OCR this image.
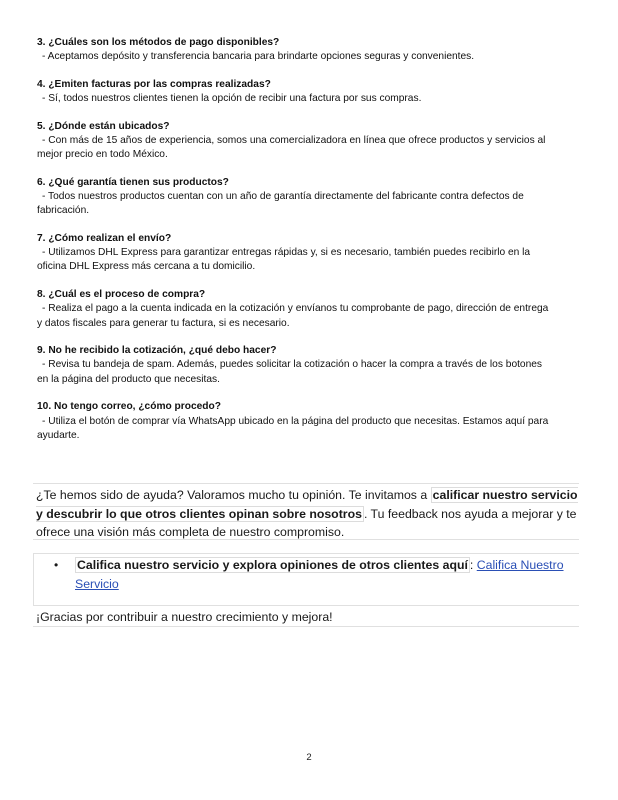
3. ¿Cuáles son los métodos de pago disponibles?
- Aceptamos depósito y transferencia bancaria para brindarte opciones seguras y convenientes.
4. ¿Emiten facturas por las compras realizadas?
- Sí, todos nuestros clientes tienen la opción de recibir una factura por sus compras.
5. ¿Dónde están ubicados?
- Con más de 15 años de experiencia, somos una comercializadora en línea que ofrece productos y servicios al
mejor precio en todo México.
6. ¿Qué garantía tienen sus productos?
- Todos nuestros productos cuentan con un año de garantía directamente del fabricante contra defectos de
fabricación.
7. ¿Cómo realizan el envío?
- Utilizamos DHL Express para garantizar entregas rápidas y, si es necesario, también puedes recibirlo en la
oficina DHL Express más cercana a tu domicilio.
8. ¿Cuál es el proceso de compra?
- Realiza el pago a la cuenta indicada en la cotización y envíanos tu comprobante de pago, dirección de entrega
y datos fiscales para generar tu factura, si es necesario.
9. No he recibido la cotización, ¿qué debo hacer?
- Revisa tu bandeja de spam. Además, puedes solicitar la cotización o hacer la compra a través de los botones
en la página del producto que necesitas.
10. No tengo correo, ¿cómo procedo?
- Utiliza el botón de comprar vía WhatsApp ubicado en la página del producto que necesitas. Estamos aquí para
ayudarte.
¿Te hemos sido de ayuda? Valoramos mucho tu opinión. Te invitamos a calificar nuestro servicio y descubrir lo que otros clientes opinan sobre nosotros . Tu feedback nos ayuda a mejorar y te ofrece una visión más completa de nuestro compromiso.
• Califica nuestro servicio y explora opiniones de otros clientes aquí : Califica Nuestro Servicio
¡Gracias por contribuir a nuestro crecimiento y mejora!
2
